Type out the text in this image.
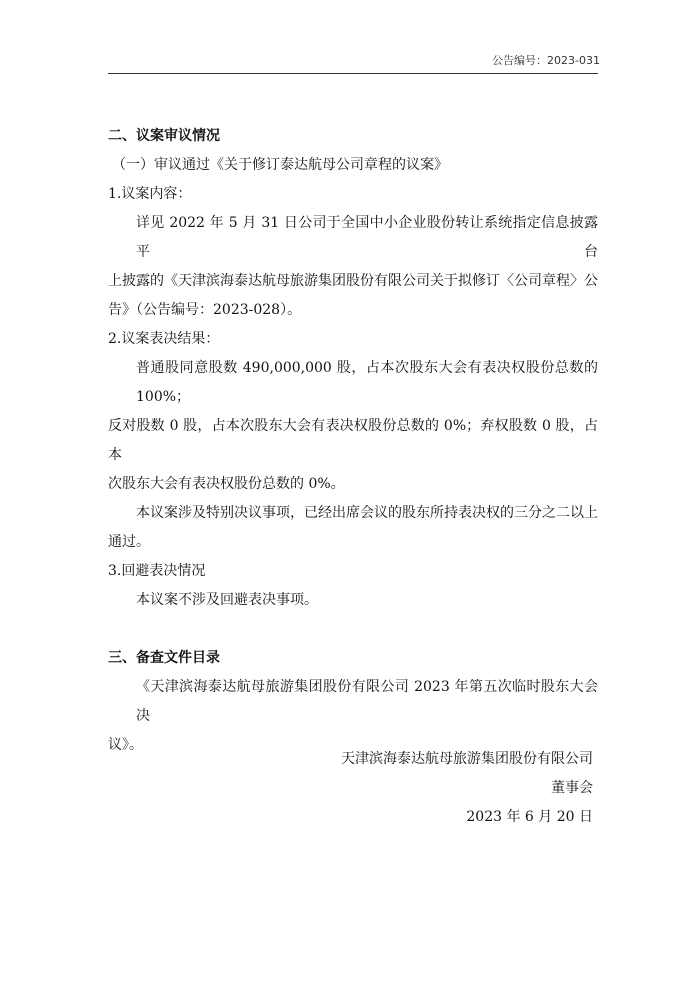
公告编号：2023-031
二、议案审议情况
（一）审议通过《关于修订泰达航母公司章程的议案》
1.议案内容：
详见 2022 年 5 月 31 日公司于全国中小企业股份转让系统指定信息披露平台
上披露的《天津滨海泰达航母旅游集团股份有限公司关于拟修订〈公司章程〉公
告》（公告编号：2023-028）。
2.议案表决结果：
普通股同意股数 490,000,000 股，占本次股东大会有表决权股份总数的 100%；
反对股数 0 股，占本次股东大会有表决权股份总数的 0%；弃权股数 0 股，占本
次股东大会有表决权股份总数的 0%。
本议案涉及特别决议事项，已经出席会议的股东所持表决权的三分之二以上
通过。
3.回避表决情况
本议案不涉及回避表决事项。
三、备查文件目录
《天津滨海泰达航母旅游集团股份有限公司 2023 年第五次临时股东大会决
议》。
天津滨海泰达航母旅游集团股份有限公司
董事会
2023 年 6 月 20 日
